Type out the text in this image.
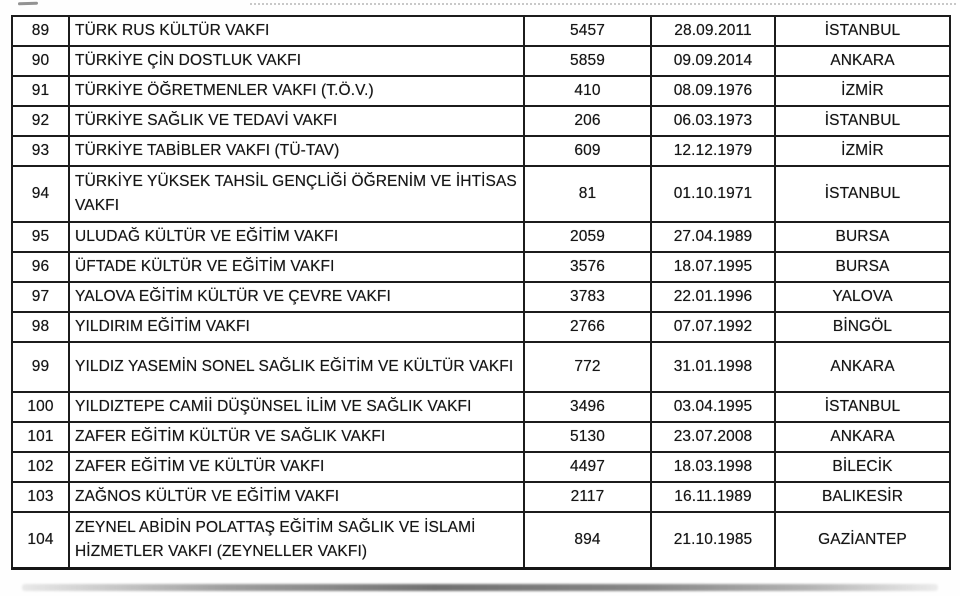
89	TÜRK RUS KÜLTÜR VAKFI	5457	28.09.2011	İSTANBUL
90	TÜRKİYE ÇİN DOSTLUK VAKFI	5859	09.09.2014	ANKARA
91	TÜRKİYE ÖĞRETMENLER VAKFI (T.Ö.V.)	410	08.09.1976	İZMİR
92	TÜRKİYE SAĞLIK VE TEDAVİ VAKFI	206	06.03.1973	İSTANBUL
93	TÜRKİYE TABİBLER VAKFI (TÜ-TAV)	609	12.12.1979	İZMİR
94	TÜRKİYE YÜKSEK TAHSİL GENÇLİĞİ ÖĞRENİM VE İHTİSAS VAKFI	81	01.10.1971	İSTANBUL
95	ULUDAĞ KÜLTÜR VE EĞİTİM VAKFI	2059	27.04.1989	BURSA
96	ÜFTADE KÜLTÜR VE EĞİTİM VAKFI	3576	18.07.1995	BURSA
97	YALOVA EĞİTİM KÜLTÜR VE ÇEVRE VAKFI	3783	22.01.1996	YALOVA
98	YILDIRIM EĞİTİM VAKFI	2766	07.07.1992	BİNGÖL
99	YILDIZ YASEMİN SONEL SAĞLIK EĞİTİM VE KÜLTÜR VAKFI	772	31.01.1998	ANKARA
100	YILDIZTEPE CAMİİ DÜŞÜNSEL İLİM VE SAĞLIK VAKFI	3496	03.04.1995	İSTANBUL
101	ZAFER EĞİTİM KÜLTÜR VE SAĞLIK VAKFI	5130	23.07.2008	ANKARA
102	ZAFER EĞİTİM VE KÜLTÜR VAKFI	4497	18.03.1998	BİLECİK
103	ZAĞNOS KÜLTÜR VE EĞİTİM VAKFI	2117	16.11.1989	BALIKESİR
104	ZEYNEL ABİDİN POLATTAŞ EĞİTİM SAĞLIK VE İSLAMİ HİZMETLER VAKFI (ZEYNELLER VAKFI)	894	21.10.1985	GAZİANTEP
